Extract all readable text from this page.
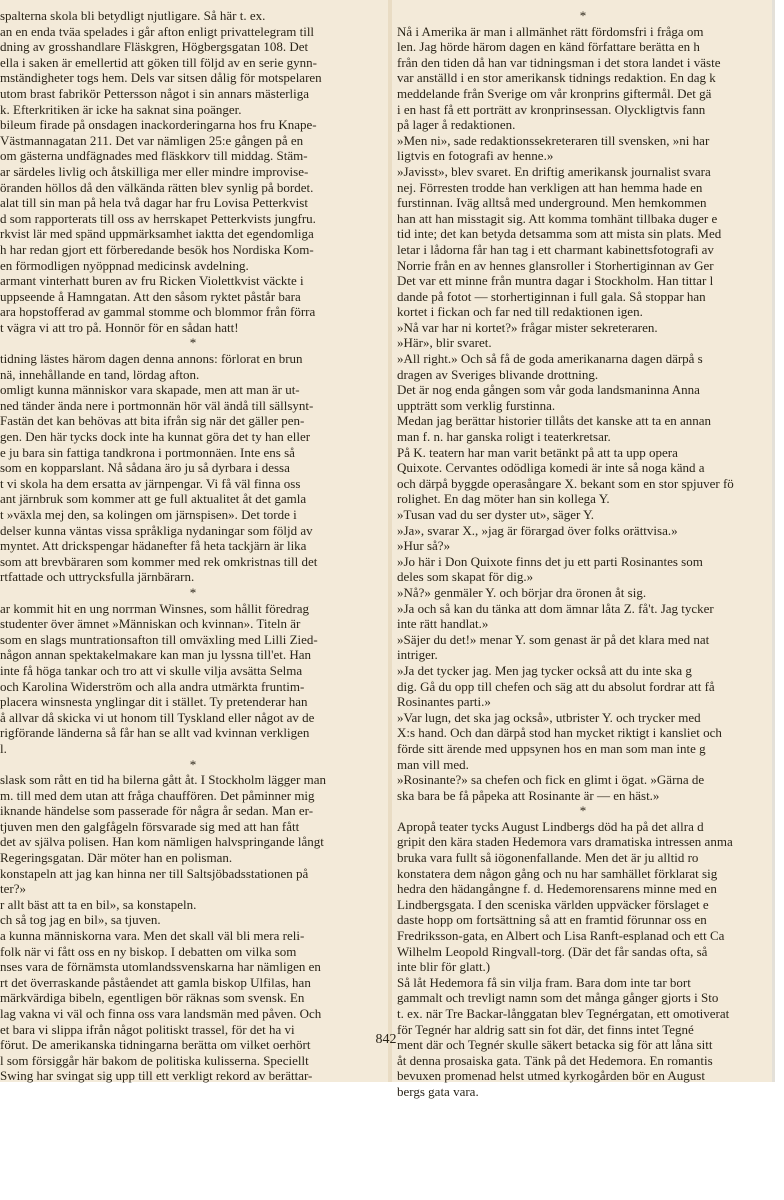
spalterna skola bli betydligt njutligare. Så här t. ex.

an en enda tväa spelades i går afton enligt privattelegram till

dning av grosshandlare Fläskgren, Högbergsgatan 108. Det

ella i saken är emellertid att göken till följd av en serie gynn-

mständigheter togs hem. Dels var sitsen dålig för motspelaren

utom brast fabrikör Pettersson något i sin annars mästerliga

k. Efterkritiken är icke ha saknat sina poänger.

bileum firade på onsdagen inackorderingarna hos fru Knape-

Västmannagatan 211. Det var nämligen 25:e gången på en

om gästerna undfägnades med fläskkorv till middag. Stäm-

ar särdeles livlig och åtskilliga mer eller mindre improvise-

öranden höllos då den välkända rätten blev synlig på bordet.

alat till sin man på hela två dagar har fru Lovisa Petterkvist

d som rapporterats till oss av herrskapet Petterkvists jungfru.

rkvist lär med spänd uppmärksamhet iaktta det egendomliga

h har redan gjort ett förberedande besök hos Nordiska Kom-

en förmodligen nyöppnad medicinsk avdelning.

armant vinterhatt buren av fru Ricken Violettkvist väckte i

uppseende å Hamngatan. Att den såsom ryktet påstår bara

ara hopstofferad av gammal stomme och blommor från förra

t vägra vi att tro på. Honnör för en sådan hatt!

*

tidning lästes härom dagen denna annons: förlorat en brun

nä, innehållande en tand, lördag afton.

omligt kunna människor vara skapade, men att man är ut-

ned tänder ända nere i portmonnän hör väl ändå till sällsynt-

Fastän det kan behövas att bita ifrån sig när det gäller pen-

gen. Den här tycks dock inte ha kunnat göra det ty han eller

e ju bara sin fattiga tandkrona i portmonnäen. Inte ens så

som en kopparslant. Nå sådana äro ju så dyrbara i dessa

t vi skola ha dem ersatta av järnpengar. Vi få väl finna oss

ant järnbruk som kommer att ge full aktualitet åt det gamla

t »växla mej den, sa kolingen om järnspisen». Det torde i

delser kunna väntas vissa språkliga nydaningar som följd av

myntet. Att drickspengar hädanefter få heta tackjärn är lika

som att brevbäraren som kommer med rek omkristnas till det

rtfattade och uttrycksfulla järnbärarn.

*

ar kommit hit en ung norrman Winsnes, som hållit föredrag

studenter över ämnet »Människan och kvinnan». Titeln är

som en slags muntrationsafton till omväxling med Lilli Zied-

någon annan spektakelmakare kan man ju lyssna till'et. Han

inte få höga tankar och tro att vi skulle vilja avsätta Selma

och Karolina Widerström och alla andra utmärkta fruntim-

placera winsnesta ynglingar dit i stället. Ty pretenderar han

å allvar då skicka vi ut honom till Tyskland eller något av de

rigförande länderna så får han se allt vad kvinnan verkligen

l.

*

slask som rått en tid ha bilerna gått åt. I Stockholm lägger man

m. till med dem utan att fråga chauffören. Det påminner mig

iknande händelse som passerade för några år sedan. Man er-

tjuven men den galgfågeln försvarade sig med att han fått

det av själva polisen. Han kom nämligen halvspringande långt

Regeringsgatan. Där möter han en polisman.

konstapeln att jag kan hinna ner till Saltsjöbadsstationen på

ter?»

r allt bäst att ta en bil», sa konstapeln.

ch så tog jag en bil», sa tjuven.

a kunna människorna vara. Men det skall väl bli mera reli-

folk när vi fått oss en ny biskop. I debatten om vilka som

nses vara de förnämsta utomlandssvenskarna har nämligen en

rt det överraskande påståendet att gamla biskop Ulfilas, han

märkvärdiga bibeln, egentligen bör räknas som svensk. En

lag vakna vi väl och finna oss vara landsmän med påven. Och

et bara vi slippa ifrån något politiskt trassel, för det ha vi

förut. De amerikanska tidningarna berätta om vilket oerhört

l som försiggår här bakom de politiska kulisserna. Speciellt

Swing har svingat sig upp till ett verkligt rekord av berättar-

*

Nå i Amerika är man i allmänhet rätt fördomsfri i fråga om

len. Jag hörde härom dagen en känd författare berätta en h

från den tiden då han var tidningsman i det stora landet i väste

var anställd i en stor amerikansk tidnings redaktion. En dag k

meddelande från Sverige om vår kronprins giftermål. Det gä

i en hast få ett porträtt av kronprinsessan. Olyckligtvis fann

på lager å redaktionen.

»Men ni», sade redaktionssekreteraren till svensken, »ni har

ligtvis en fotografi av henne.»

»Javisst», blev svaret. En driftig amerikansk journalist svara

nej. Förresten trodde han verkligen att han hemma hade en

furstinnan. Iväg alltså med underground. Men hemkommen

han att han misstagit sig. Att komma tomhänt tillbaka duger e

tid inte; det kan betyda detsamma som att mista sin plats. Med

letar i lådorna får han tag i ett charmant kabinettsfotografi av

Norrie från en av hennes glansroller i Storhertiginnan av Ger

Det var ett minne från muntra dagar i Stockholm. Han tittar l

dande på fotot — storhertiginnan i full gala. Så stoppar han

kortet i fickan och far ned till redaktionen igen.

»Nå var har ni kortet?» frågar mister sekreteraren.

»Här», blir svaret.

»All right.» Och så få de goda amerikanarna dagen därpå s

dragen av Sveriges blivande drottning.

Det är nog enda gången som vår goda landsmaninna Anna

uppträtt som verklig furstinna.

Medan jag berättar historier tillåts det kanske att ta en annan

man f. n. har ganska roligt i teaterkretsar.

På K. teatern har man varit betänkt på att ta upp opera

Quixote. Cervantes odödliga komedi är inte så noga känd a

och därpå byggde operasångare X. bekant som en stor spjuver fö

rolighet. En dag möter han sin kollega Y.

»Tusan vad du ser dyster ut», säger Y.

»Ja», svarar X., »jag är förargad över folks orättvisa.»

»Hur så?»

»Jo här i Don Quixote finns det ju ett parti Rosinantes som

deles som skapat för dig.»

»Nå?» genmäler Y. och börjar dra öronen åt sig.

»Ja och så kan du tänka att dom ämnar låta Z. få't. Jag tycker

inte rätt handlat.»

»Säjer du det!» menar Y. som genast är på det klara med nat

intriger.

»Ja det tycker jag. Men jag tycker också att du inte ska g

dig. Gå du opp till chefen och säg att du absolut fordrar att få

Rosinantes parti.»

»Var lugn, det ska jag också», utbrister Y. och trycker med

X:s hand. Och dan därpå stod han mycket riktigt i kansliet och

förde sitt ärende med uppsynen hos en man som man inte g

man vill med.

»Rosinante?» sa chefen och fick en glimt i ögat. »Gärna de

ska bara be få påpeka att Rosinante är — en häst.»

*

Apropå teater tycks August Lindbergs död ha på det allra d

gripit den kära staden Hedemora vars dramatiska intressen anma

bruka vara fullt så iögonenfallande. Men det är ju alltid ro

konstatera dem någon gång och nu har samhället förklarat sig

hedra den hädangångne f. d. Hedemorensarens minne med en

Lindbergsgata. I den sceniska världen uppväcker förslaget e

daste hopp om fortsättning så att en framtid förunnar oss en

Fredriksson-gata, en Albert och Lisa Ranft-esplanad och ett Ca

Wilhelm Leopold Ringvall-torg. (Där det får sandas ofta, så

inte blir för glatt.)

Så låt Hedemora få sin vilja fram. Bara dom inte tar bort

gammalt och trevligt namn som det många gånger gjorts i Sto

t. ex. när Tre Backar-långgatan blev Tegnérgatan, ett omotiverat

för Tegnér har aldrig satt sin fot där, det finns intet Tegné

ment där och Tegnér skulle säkert betacka sig för att låna sitt

åt denna prosaiska gata. Tänk på det Hedemora. En romantis

bevuxen promenad helst utmed kyrkogården bör en August

bergs gata vara.

842
